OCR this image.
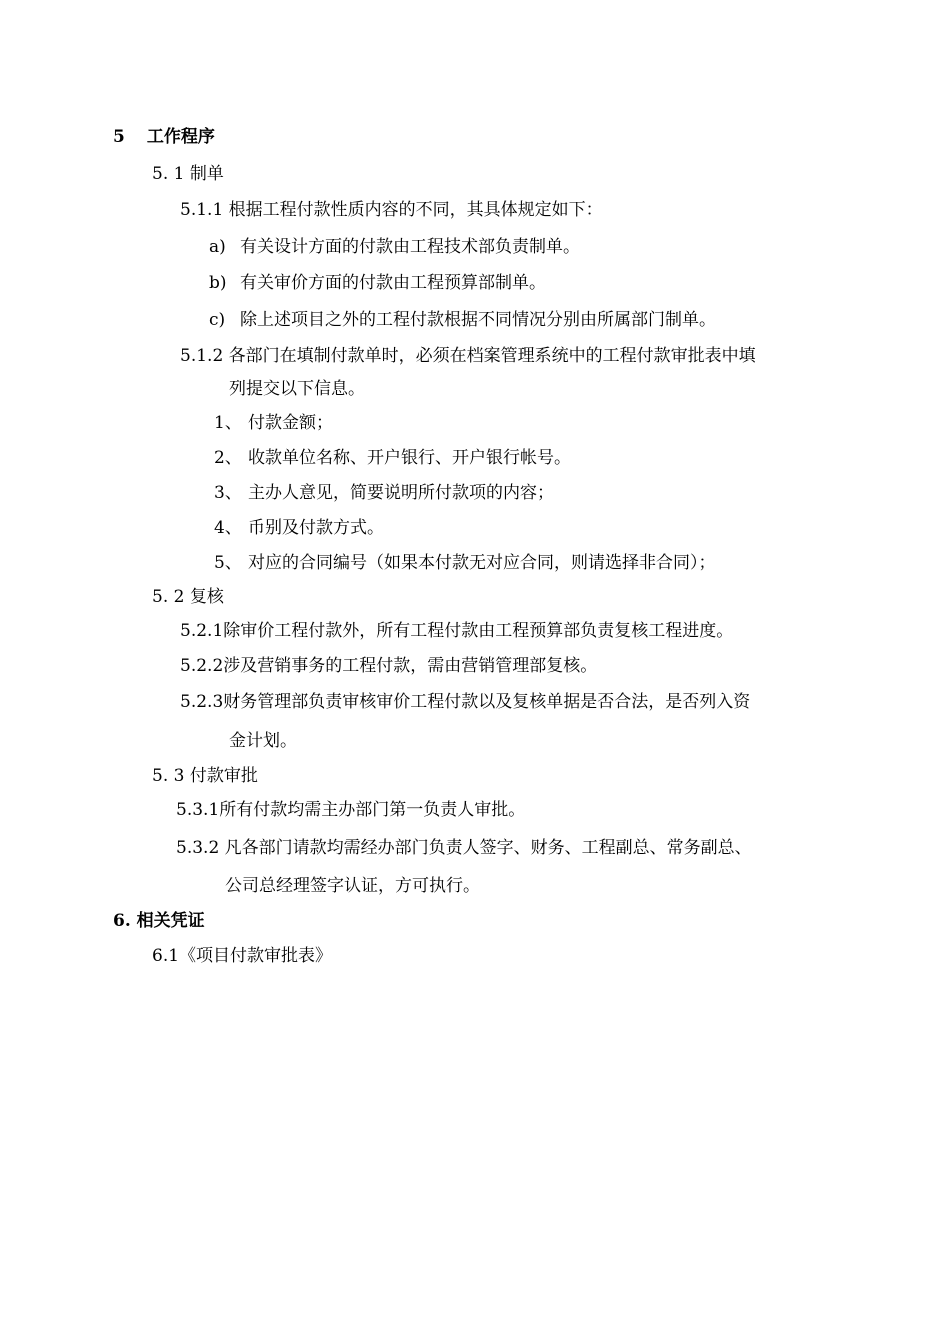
5 工作程序
5. 1 制单
5.1.1 根据工程付款性质内容的不同，其具体规定如下：
a) 有关设计方面的付款由工程技术部负责制单。
b) 有关审价方面的付款由工程预算部制单。
c) 除上述项目之外的工程付款根据不同情况分别由所属部门制单。
5.1.2 各部门在填制付款单时，必须在档案管理系统中的工程付款审批表中填
列提交以下信息。
1、 付款金额；
2、 收款单位名称、开户银行、开户银行帐号。
3、 主办人意见，简要说明所付款项的内容；
4、 币别及付款方式。
5、 对应的合同编号（如果本付款无对应合同，则请选择非合同）；
5. 2 复核
5.2.1除审价工程付款外，所有工程付款由工程预算部负责复核工程进度。
5.2.2涉及营销事务的工程付款，需由营销管理部复核。
5.2.3财务管理部负责审核审价工程付款以及复核单据是否合法，是否列入资
金计划。
5. 3 付款审批
5.3.1所有付款均需主办部门第一负责人审批。
5.3.2 凡各部门请款均需经办部门负责人签字、财务、工程副总、常务副总、
公司总经理签字认证，方可执行。
6. 相关凭证
6.1《项目付款审批表》
